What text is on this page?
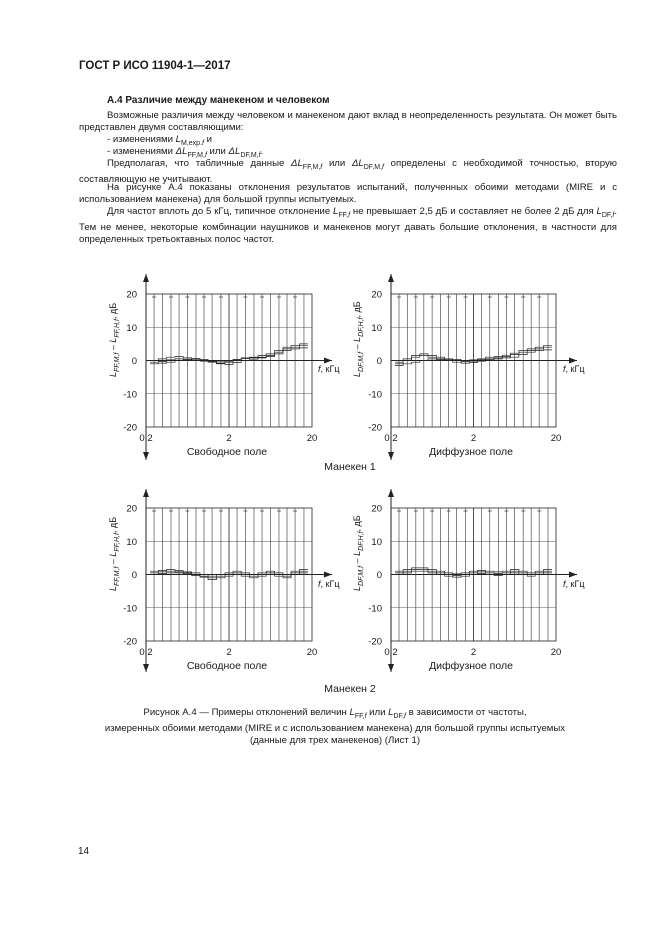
ГОСТ Р ИСО 11904-1—2017
А.4 Различие между манекеном и человеком
Возможные различия между человеком и манекеном дают вклад в неопределенность результата. Он может быть представлен двумя составляющими:
- изменениями $L_{M,exp.f}$ и
- изменениями $\Delta L_{FF,M,f}$ или $\Delta L_{DF,M,f}$.
Предполагая, что табличные данные $\Delta L_{FF,M,f}$ или $\Delta L_{DF,M,f}$ определены с необходимой точностью, вторую составляющую не учитывают.
На рисунке А.4 показаны отклонения результатов испытаний, полученных обоими методами (MIRE и с использованием манекена) для большой группы испытуемых.
Для частот вплоть до 5 кГц, типичное отклонение $L_{FF,f}$ не превышает 2,5 дБ и составляет не более 2 дБ для $L_{DF,f}$. Тем не менее, некоторые комбинации наушников и манекенов могут давать большие отклонения, в частности для определенных третьоктавных полос частот.
-20
-10
0
10
20
0,2	2	20
-20
-10
0
10
20
0,2	2	20
-20
-10
0
10
20
0,2	2	20
-20
-10
0
10
20
0,2	2	20
$L_{FF,M,f} - L_{FF,H,f}$, дБ
$L_{DF,M,f} - L_{DF,H,f}$, дБ
$L_{FF,M,f} - L_{FF,H,f}$, дБ
$L_{DF,M,f} - L_{DF,H,f}$, дБ
f, кГц	f, кГц
f, кГц	f, кГц
Свободное поле	Диффузное поле
Свободное поле	Диффузное поле
Манекен 1
Манекен 2
Рисунок А.4 — Примеры отклонений величин $L_{FF,f}$ или $L_{DF,f}$ в зависимости от частоты,
измеренных обоими методами (MIRE и с использованием манекена) для большой группы испытуемых
(данные для трех манекенов) (Лист 1)
14
